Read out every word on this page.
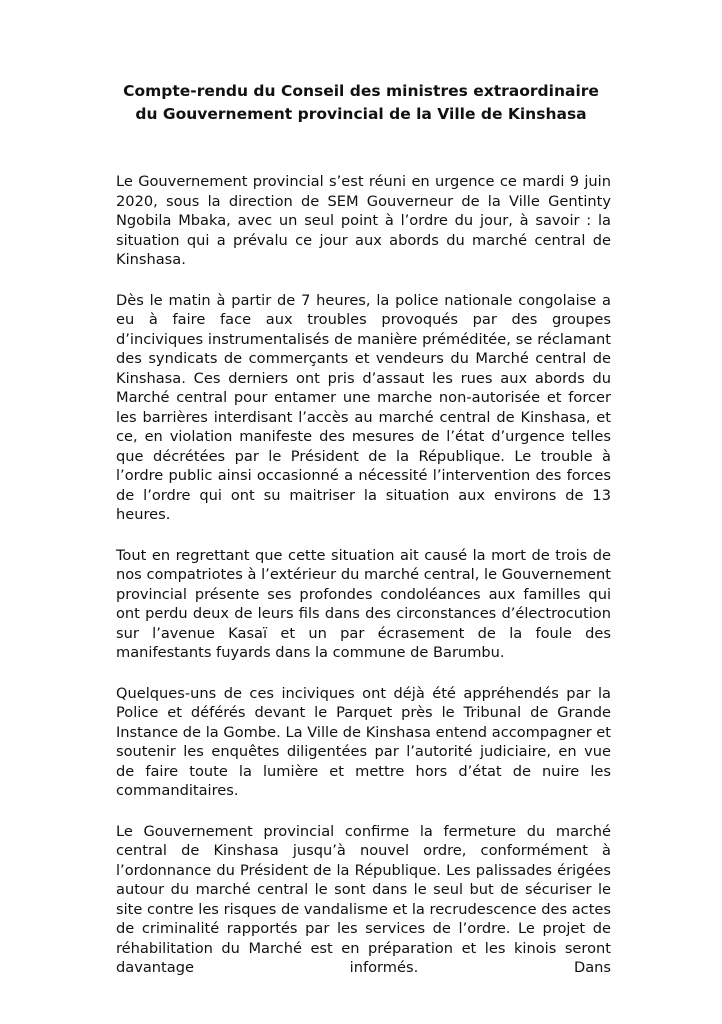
Compte-rendu du Conseil des ministres extraordinaire
du Gouvernement provincial de la Ville de Kinshasa

Le Gouvernement provincial s’est réuni en urgence ce mardi 9 juin 2020, sous la direction de SEM Gouverneur de la Ville Gentinty Ngobila Mbaka, avec un seul point à l’ordre du jour, à savoir : la situation qui a prévalu ce jour aux abords du marché central de Kinshasa.

Dès le matin à partir de 7 heures, la police nationale congolaise a eu à faire face aux troubles provoqués par des groupes d’inciviques instrumentalisés de manière préméditée, se réclamant des syndicats de commerçants et vendeurs du Marché central de Kinshasa. Ces derniers ont pris d’assaut les rues aux abords du Marché central pour entamer une marche non-autorisée et forcer les barrières interdisant l’accès au marché central de Kinshasa, et ce, en violation manifeste des mesures de l’état d’urgence telles que décrétées par le Président de la République. Le trouble à l’ordre public ainsi occasionné a nécessité l’intervention des forces de l’ordre qui ont su maitriser la situation aux environs de 13 heures.

Tout en regrettant que cette situation ait causé la mort de trois de nos compatriotes à l’extérieur du marché central, le Gouvernement provincial présente ses profondes condoléances aux familles qui ont perdu deux de leurs fils dans des circonstances d’électrocution sur l’avenue Kasaï et un par écrasement de la foule des manifestants fuyards dans la commune de Barumbu.

Quelques-uns de ces inciviques ont déjà été appréhendés par la Police et déférés devant le Parquet près le Tribunal de Grande Instance de la Gombe. La Ville de Kinshasa entend accompagner et soutenir les enquêtes diligentées par l’autorité judiciaire, en vue de faire toute la lumière et mettre hors d’état de nuire les commanditaires.

Le Gouvernement provincial confirme la fermeture du marché central de Kinshasa jusqu’à nouvel ordre, conformément à l’ordonnance du Président de la République. Les palissades érigées autour du marché central le sont dans le seul but de sécuriser le site contre les risques de vandalisme et la recrudescence des actes de criminalité rapportés par les services de l’ordre. Le projet de réhabilitation du Marché est en préparation et les kinois seront davantage informés. Dans
